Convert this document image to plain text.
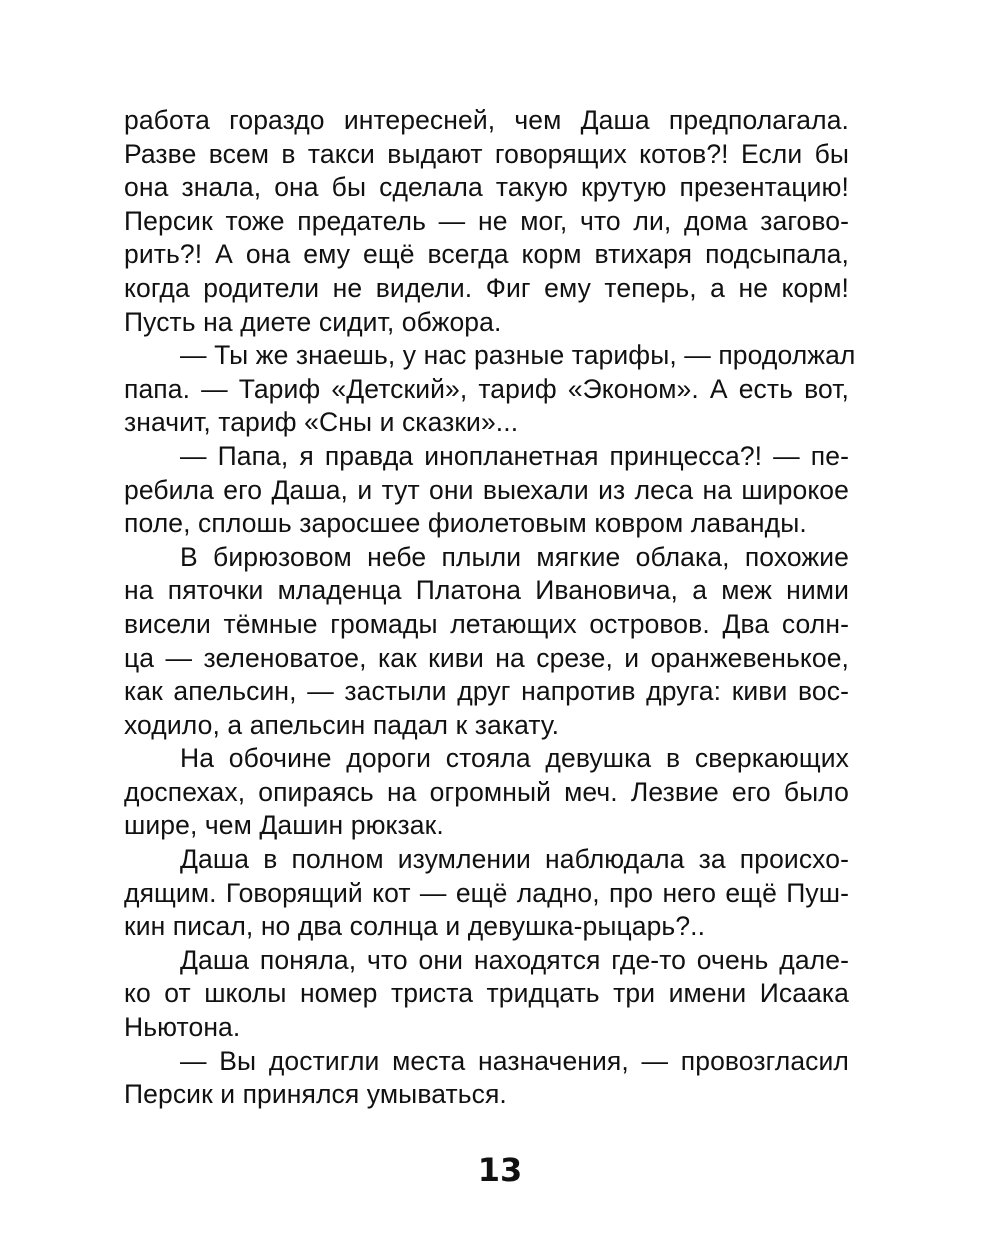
работа гораздо интересней, чем Даша предполагала.
Разве всем в такси выдают говорящих котов?! Если бы
она знала, она бы сделала такую крутую презентацию!
Персик тоже предатель — не мог, что ли, дома загово-
рить?! А она ему ещё всегда корм втихаря подсыпала,
когда родители не видели. Фиг ему теперь, а не корм!
Пусть на диете сидит, обжора.
— Ты же знаешь, у нас разные тарифы, — продолжал
папа. — Тариф «Детский», тариф «Эконом». А есть вот,
значит, тариф «Сны и сказки»...
— Папа, я правда инопланетная принцесса?! — пе-
ребила его Даша, и тут они выехали из леса на широкое
поле, сплошь заросшее фиолетовым ковром лаванды.
В бирюзовом небе плыли мягкие облака, похожие
на пяточки младенца Платона Ивановича, а меж ними
висели тёмные громады летающих островов. Два солн-
ца — зеленоватое, как киви на срезе, и оранжевенькое,
как апельсин, — застыли друг напротив друга: киви вос-
ходило, а апельсин падал к закату.
На обочине дороги стояла девушка в сверкающих
доспехах, опираясь на огромный меч. Лезвие его было
шире, чем Дашин рюкзак.
Даша в полном изумлении наблюдала за происхо-
дящим. Говорящий кот — ещё ладно, про него ещё Пуш-
кин писал, но два солнца и девушка-рыцарь?..
Даша поняла, что они находятся где-то очень дале-
ко от школы номер триста тридцать три имени Исаака
Ньютона.
— Вы достигли места назначения, — провозгласил
Персик и принялся умываться.
13
